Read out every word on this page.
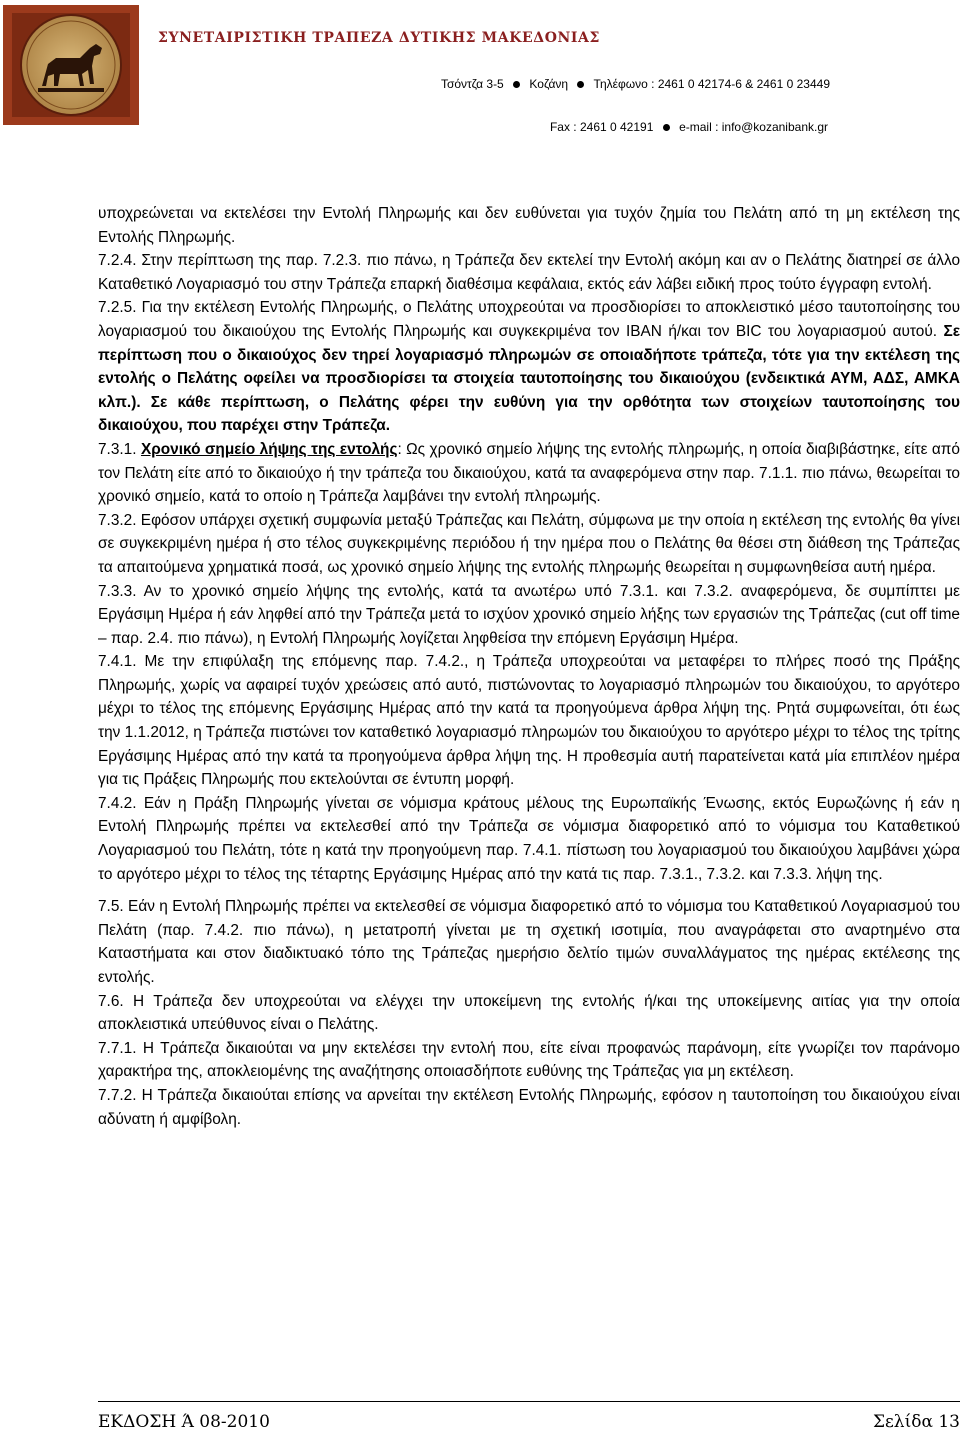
ΣΥΝΕΤΑΙΡΙΣΤΙΚΗ ΤΡΑΠΕΖΑ ΔΥΤΙΚΗΣ ΜΑΚΕΔΟΝΙΑΣ
Τσόντζα 3-5 Κοζάνη Τηλέφωνο : 2461 0 42174-6 & 2461 0 23449
Fax : 2461 0 42191 e-mail : info@kozanibank.gr

υποχρεώνεται να εκτελέσει την Εντολή Πληρωμής και δεν ευθύνεται για τυχόν ζημία του Πελάτη από τη μη εκτέλεση της Εντολής Πληρωμής.

7.2.4. Στην περίπτωση της παρ. 7.2.3. πιο πάνω, η Τράπεζα δεν εκτελεί την Εντολή ακόμη και αν ο Πελάτης διατηρεί σε άλλο Καταθετικό Λογαριασμό του στην Τράπεζα επαρκή διαθέσιμα κεφάλαια, εκτός εάν λάβει ειδική προς τούτο έγγραφη εντολή.

7.2.5. Για την εκτέλεση Εντολής Πληρωμής, ο Πελάτης υποχρεούται να προσδιορίσει το αποκλειστικό μέσο ταυτοποίησης του λογαριασμού του δικαιούχου της Εντολής Πληρωμής και συγκεκριμένα τον IBAN ή/και τον BIC του λογαριασμού αυτού. Σε περίπτωση που ο δικαιούχος δεν τηρεί λογαριασμό πληρωμών σε οποιαδήποτε τράπεζα, τότε για την εκτέλεση της εντολής ο Πελάτης οφείλει να προσδιορίσει τα στοιχεία ταυτοποίησης του δικαιούχου (ενδεικτικά ΑΥΜ, ΑΔΣ, ΑΜΚΑ κλπ.). Σε κάθε περίπτωση, ο Πελάτης φέρει την ευθύνη για την ορθότητα των στοιχείων ταυτοποίησης του δικαιούχου, που παρέχει στην Τράπεζα.

7.3.1. Χρονικό σημείο λήψης της εντολής: Ως χρονικό σημείο λήψης της εντολής πληρωμής, η οποία διαβιβάστηκε, είτε από τον Πελάτη είτε από το δικαιούχο ή την τράπεζα του δικαιούχου, κατά τα αναφερόμενα στην παρ. 7.1.1. πιο πάνω, θεωρείται το χρονικό σημείο, κατά το οποίο η Τράπεζα λαμβάνει την εντολή πληρωμής.

7.3.2. Εφόσον υπάρχει σχετική συμφωνία μεταξύ Τράπεζας και Πελάτη, σύμφωνα με την οποία η εκτέλεση της εντολής θα γίνει σε συγκεκριμένη ημέρα ή στο τέλος συγκεκριμένης περιόδου ή την ημέρα που ο Πελάτης θα θέσει στη διάθεση της Τράπεζας τα απαιτούμενα χρηματικά ποσά, ως χρονικό σημείο λήψης της εντολής πληρωμής θεωρείται η συμφωνηθείσα αυτή ημέρα.

7.3.3. Αν το χρονικό σημείο λήψης της εντολής, κατά τα ανωτέρω υπό 7.3.1. και 7.3.2. αναφερόμενα, δε συμπίπτει με Εργάσιμη Ημέρα ή εάν ληφθεί από την Τράπεζα μετά το ισχύον χρονικό σημείο λήξης των εργασιών της Τράπεζας (cut off time – παρ. 2.4. πιο πάνω), η Εντολή Πληρωμής λογίζεται ληφθείσα την επόμενη Εργάσιμη Ημέρα.

7.4.1. Με την επιφύλαξη της επόμενης παρ. 7.4.2., η Τράπεζα υποχρεούται να μεταφέρει το πλήρες ποσό της Πράξης Πληρωμής, χωρίς να αφαιρεί τυχόν χρεώσεις από αυτό, πιστώνοντας το λογαριασμό πληρωμών του δικαιούχου, το αργότερο μέχρι το τέλος της επόμενης Εργάσιμης Ημέρας από την κατά τα προηγούμενα άρθρα λήψη της. Ρητά συμφωνείται, ότι έως την 1.1.2012, η Τράπεζα πιστώνει τον καταθετικό λογαριασμό πληρωμών του δικαιούχου το αργότερο μέχρι το τέλος της τρίτης Εργάσιμης Ημέρας από την κατά τα προηγούμενα άρθρα λήψη της. Η προθεσμία αυτή παρατείνεται κατά μία επιπλέον ημέρα για τις Πράξεις Πληρωμής που εκτελούνται σε έντυπη μορφή.

7.4.2. Εάν η Πράξη Πληρωμής γίνεται σε νόμισμα κράτους μέλους της Ευρωπαϊκής Ένωσης, εκτός Ευρωζώνης ή εάν η Εντολή Πληρωμής πρέπει να εκτελεσθεί από την Τράπεζα σε νόμισμα διαφορετικό από το νόμισμα του Καταθετικού Λογαριασμού του Πελάτη, τότε η κατά την προηγούμενη παρ. 7.4.1. πίστωση του λογαριασμού του δικαιούχου λαμβάνει χώρα το αργότερο μέχρι το τέλος της τέταρτης Εργάσιμης Ημέρας από την κατά τις παρ. 7.3.1., 7.3.2. και 7.3.3. λήψη της.

7.5. Εάν η Εντολή Πληρωμής πρέπει να εκτελεσθεί σε νόμισμα διαφορετικό από το νόμισμα του Καταθετικού Λογαριασμού του Πελάτη (παρ. 7.4.2. πιο πάνω), η μετατροπή γίνεται με τη σχετική ισοτιμία, που αναγράφεται στο αναρτημένο στα Καταστήματα και στον διαδικτυακό τόπο της Τράπεζας ημερήσιο δελτίο τιμών συναλλάγματος της ημέρας εκτέλεσης της εντολής.

7.6. Η Τράπεζα δεν υποχρεούται να ελέγχει την υποκείμενη της εντολής ή/και της υποκείμενης αιτίας για την οποία αποκλειστικά υπεύθυνος είναι ο Πελάτης.

7.7.1. Η Τράπεζα δικαιούται να μην εκτελέσει την εντολή που, είτε είναι προφανώς παράνομη, είτε γνωρίζει τον παράνομο χαρακτήρα της, αποκλειομένης της αναζήτησης οποιασδήποτε ευθύνης της Τράπεζας για μη εκτέλεση.

7.7.2. Η Τράπεζα δικαιούται επίσης να αρνείται την εκτέλεση Εντολής Πληρωμής, εφόσον η ταυτοποίηση του δικαιούχου είναι αδύνατη ή αμφίβολη.

ΕΚΔΟΣΗ Ά 08-2010	Σελίδα 13
